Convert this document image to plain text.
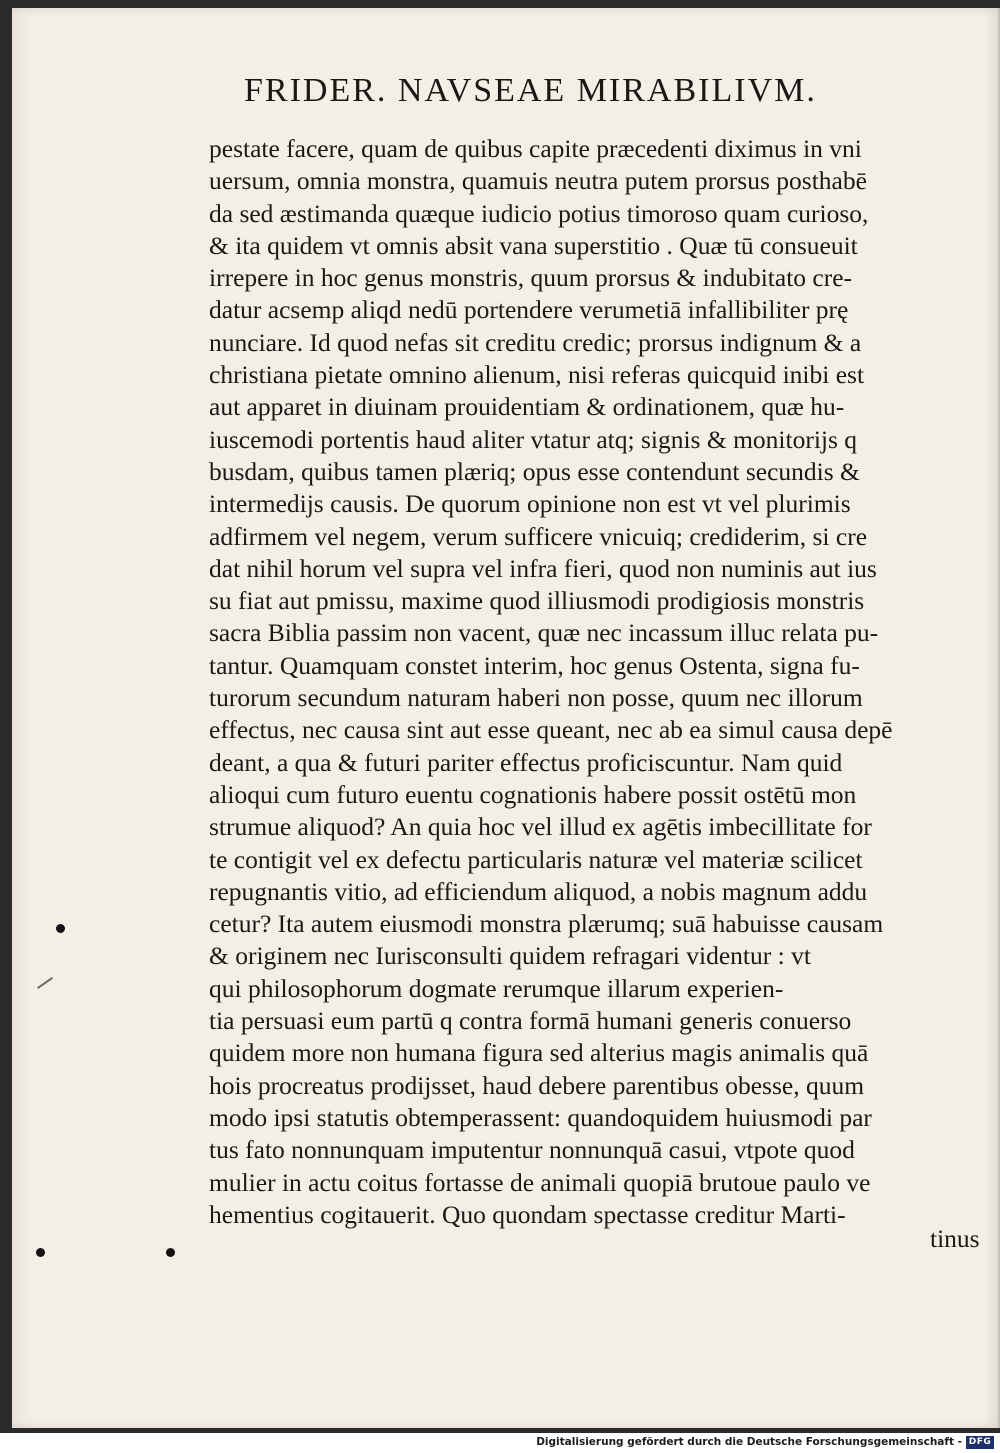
FRIDER. NAVSEAE MIRABILIVM.
pestate facere, quam de quibus capite præcedenti diximus in vni
uersum, omnia monstra, quamuis neutra putem prorsus posthabē
da sed æstimanda quæque iudicio potius timoroso quam curioso,
& ita quidem vt omnis absit vana superstitio . Quæ tū consueuit
irrepere in hoc genus monstris, quum prorsus & indubitato cre-
datur acsemp aliqd nedū portendere verumetiā infallibiliter prę
nunciare. Id quod nefas sit creditu credic; prorsus indignum & a
christiana pietate omnino alienum, nisi referas quicquid inibi est
aut apparet in diuinam prouidentiam & ordinationem, quæ hu-
iuscemodi portentis haud aliter vtatur atq; signis & monitorijs q
busdam, quibus tamen plæriq; opus esse contendunt secundis &
intermedijs causis. De quorum opinione non est vt vel plurimis
adfirmem vel negem, verum sufficere vnicuiq; crediderim, si cre
dat nihil horum vel supra vel infra fieri, quod non numinis aut ius
su fiat aut pmissu, maxime quod illiusmodi prodigiosis monstris
sacra Biblia passim non vacent, quæ nec incassum illuc relata pu-
tantur. Quamquam constet interim, hoc genus Ostenta, signa fu-
turorum secundum naturam haberi non posse, quum nec illorum
effectus, nec causa sint aut esse queant, nec ab ea simul causa depē
deant, a qua & futuri pariter effectus proficiscuntur. Nam quid
alioqui cum futuro euentu cognationis habere possit ostētū mon
strumue aliquod? An quia hoc vel illud ex agētis imbecillitate for
te contigit vel ex defectu particularis naturæ vel materiæ scilicet
repugnantis vitio, ad efficiendum aliquod, a nobis magnum addu
cetur? Ita autem eiusmodi monstra plærumq; suā habuisse causam
& originem nec Iurisconsulti quidem refragari videntur : vt
qui philosophorum dogmate rerumque illarum experien-
tia persuasi eum partū q contra formā humani generis conuerso
quidem more non humana figura sed alterius magis animalis quā
hois procreatus prodijsset, haud debere parentibus obesse, quum
modo ipsi statutis obtemperassent: quandoquidem huiusmodi par
tus fato nonnunquam imputentur nonnunquā casui, vtpote quod
mulier in actu coitus fortasse de animali quopiā brutoue paulo ve
hementius cogitauerit. Quo quondam spectasse creditur Marti-
tinus
Digitalisierung gefördert durch die Deutsche Forschungsgemeinschaft - DFG
